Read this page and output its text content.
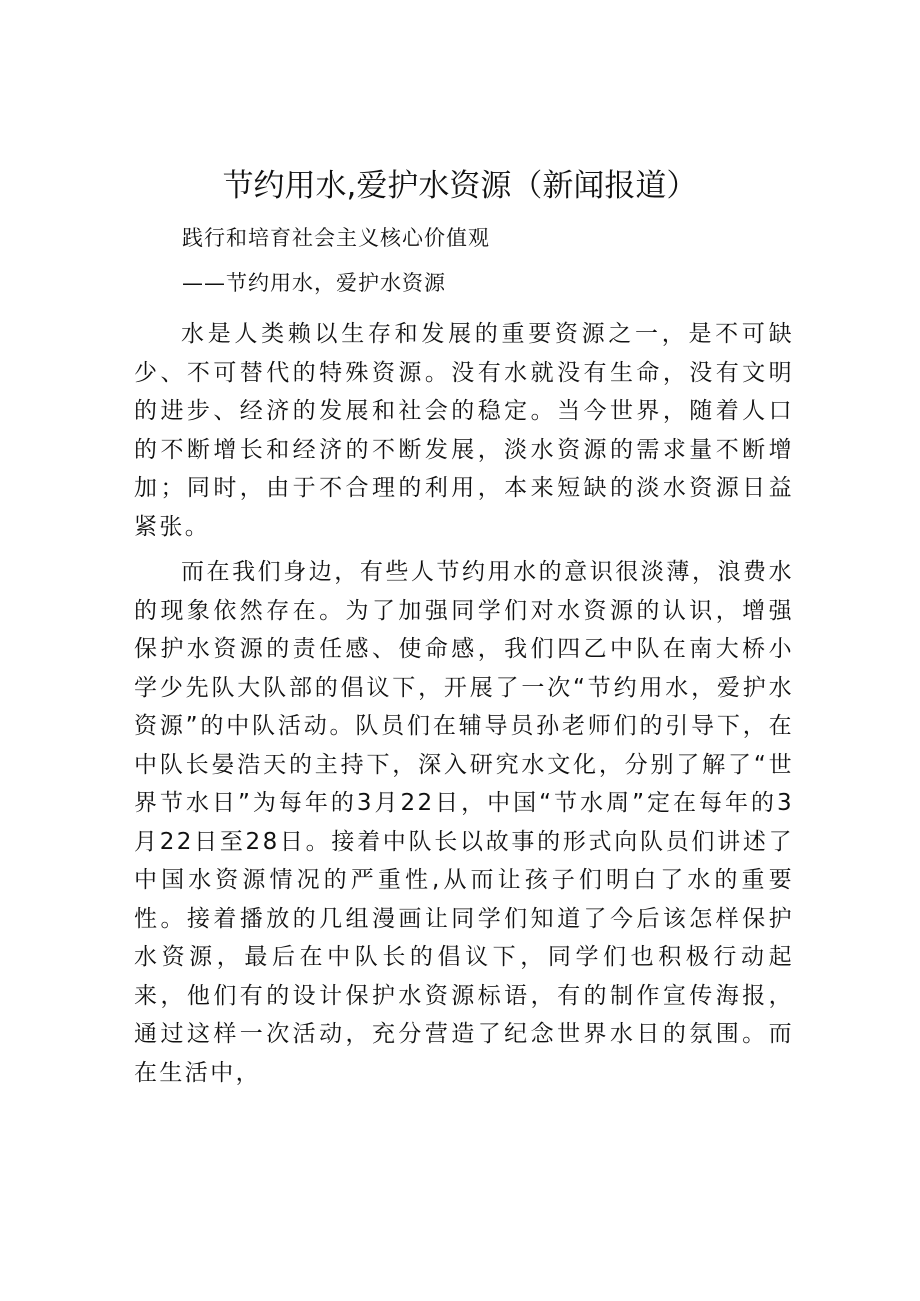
节约用水,爱护水资源（新闻报道）
践行和培育社会主义核心价值观
——节约用水，爱护水资源
水是人类赖以生存和发展的重要资源之一，是不可缺少、不可替代的特殊资源。没有水就没有生命，没有文明的进步、经济的发展和社会的稳定。当今世界，随着人口的不断增长和经济的不断发展，淡水资源的需求量不断增加；同时，由于不合理的利用，本来短缺的淡水资源日益紧张。
而在我们身边，有些人节约用水的意识很淡薄，浪费水的现象依然存在。为了加强同学们对水资源的认识，增强保护水资源的责任感、使命感，我们四乙中队在南大桥小学少先队大队部的倡议下，开展了一次“节约用水，爱护水资源”的中队活动。队员们在辅导员孙老师们的引导下，在中队长晏浩天的主持下，深入研究水文化，分别了解了“世界节水日”为每年的3月22日，中国“节水周”定在每年的3月22日至28日。接着中队长以故事的形式向队员们讲述了中国水资源情况的严重性,从而让孩子们明白了水的重要性。接着播放的几组漫画让同学们知道了今后该怎样保护水资源，最后在中队长的倡议下，同学们也积极行动起来，他们有的设计保护水资源标语，有的制作宣传海报，通过这样一次活动，充分营造了纪念世界水日的氛围。而在生活中，
